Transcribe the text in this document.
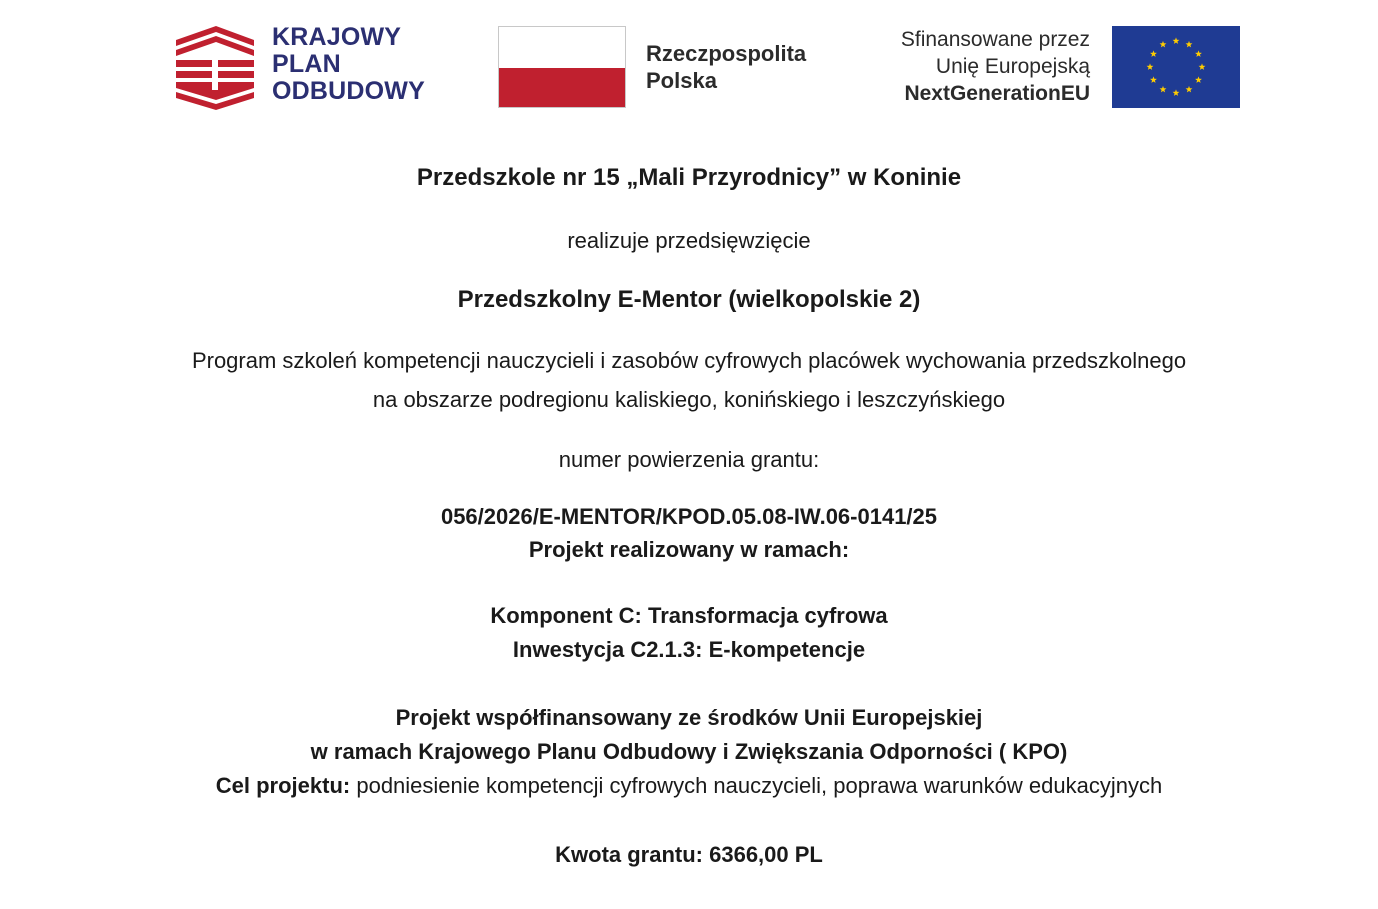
KRAJOWY
PLAN
ODBUDOWY
Rzeczpospolita
Polska
Sfinansowane przez
Unię Europejską
NextGenerationEU
Przedszkole nr 15 „Mali Przyrodnicy” w Koninie
realizuje przedsięwzięcie
Przedszkolny E-Mentor (wielkopolskie 2)
Program szkoleń kompetencji nauczycieli i zasobów cyfrowych placówek wychowania przedszkolnego
na obszarze podregionu kaliskiego, konińskiego i leszczyńskiego
numer powierzenia grantu:
056/2026/E-MENTOR/KPOD.05.08-IW.06-0141/25
Projekt realizowany w ramach:
Komponent C: Transformacja cyfrowa
Inwestycja C2.1.3: E-kompetencje
Projekt współfinansowany ze środków Unii Europejskiej
w ramach Krajowego Planu Odbudowy i Zwiększania Odporności ( KPO)
Cel projektu: podniesienie kompetencji cyfrowych nauczycieli, poprawa warunków edukacyjnych
Kwota grantu: 6366,00 PL
